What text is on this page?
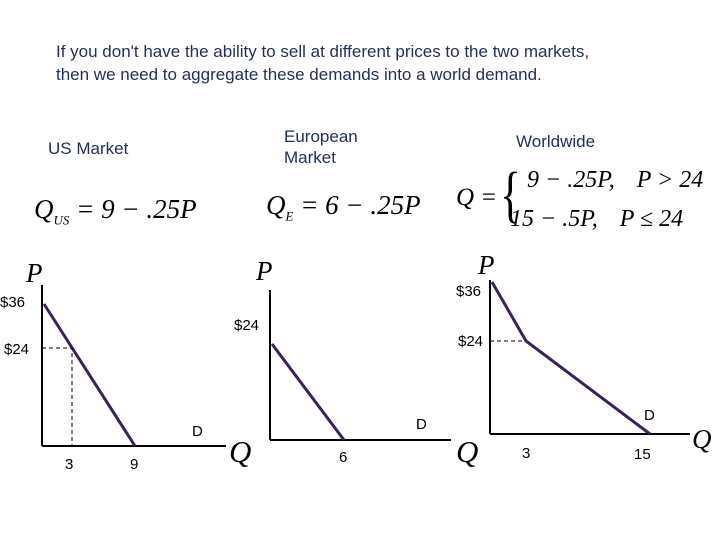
If you don't have the ability to sell at different prices to the two markets,
then we need to aggregate these demands into a world demand.
US Market
European
Market
Worldwide
$Q_{US} = 9 - .25P$	$Q_E = 6 - .25P$ Q = { 9 − .25P, P > 24
15 − .5P, P ≤ 24
P
$36
$24
3	9
D
Q
P
$24
6
D
Q
P
$36
$24
3	15
D
Q
